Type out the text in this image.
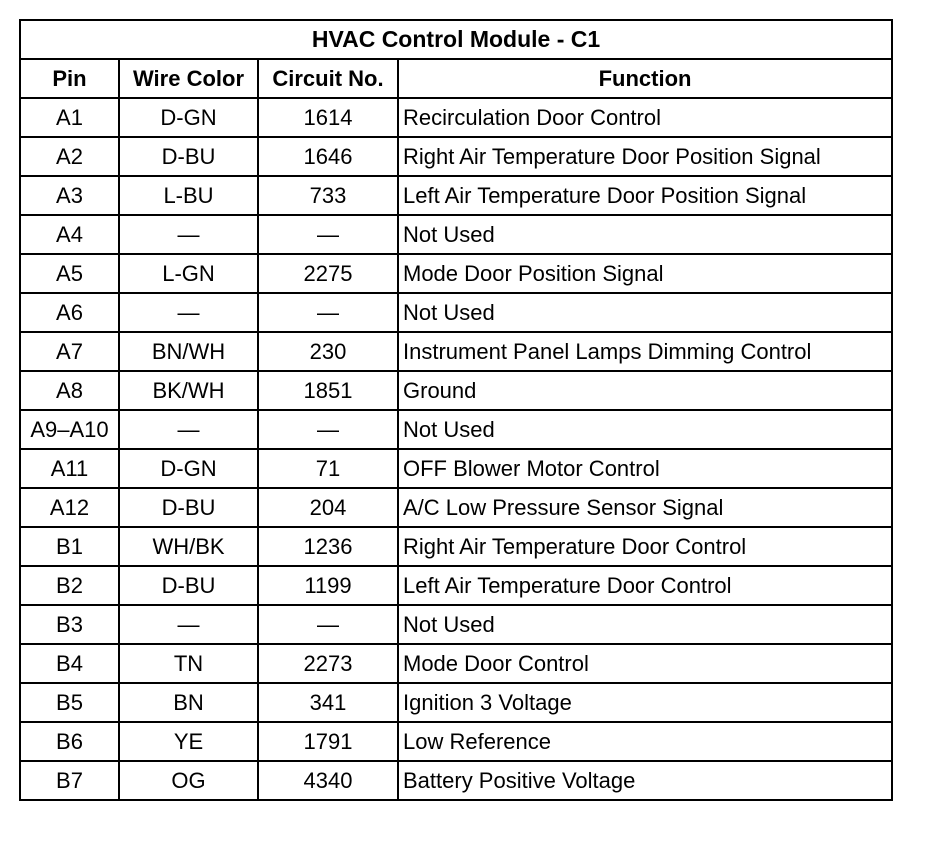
HVAC Control Module - C1			
Pin	Wire Color	Circuit No.	Function
A1	D-GN	1614	Recirculation Door Control
A2	D-BU	1646	Right Air Temperature Door Position Signal
A3	L-BU	733	Left Air Temperature Door Position Signal
A4	—	—	Not Used
A5	L-GN	2275	Mode Door Position Signal
A6	—	—	Not Used
A7	BN/WH	230	Instrument Panel Lamps Dimming Control
A8	BK/WH	1851	Ground
A9–A10	—	—	Not Used
A11	D-GN	71	OFF Blower Motor Control
A12	D-BU	204	A/C Low Pressure Sensor Signal
B1	WH/BK	1236	Right Air Temperature Door Control
B2	D-BU	1199	Left Air Temperature Door Control
B3	—	—	Not Used
B4	TN	2273	Mode Door Control
B5	BN	341	Ignition 3 Voltage
B6	YE	1791	Low Reference
B7	OG	4340	Battery Positive Voltage
